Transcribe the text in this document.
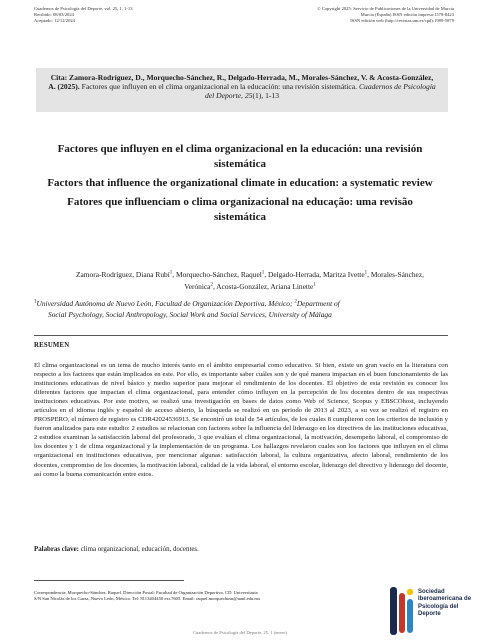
Cuadernos de Psicología del Deporte, vol. 25, 1, 1-13
Recibido: 08/03/2024
Aceptado: 12/12/2024
© Copyright 2025: Servicio de Publicaciones de la Universidad de Murcia
Murcia (España) ISSN edición impresa:1578-8423
ISSN edición web (http://revistas.um.es/cpd):1989-5879
Cita: Zamora-Rodríguez, D., Morquecho-Sánchez, R., Delgado-Herrada, M., Morales-Sánchez, V. & Acosta-González, A. (2025). Factores que influyen en el clima organizacional en la educación: una revisión sistemática. Cuadernos de Psicología del Deporte, 25(1), 1-13
Factores que influyen en el clima organizacional en la educación: una revisión sistemática
Factors that influence the organizational climate in education: a systematic review
Fatores que influenciam o clima organizacional na educação: uma revisão sistemática
Zamora-Rodríguez, Diana Rubí$^1$, Morquecho-Sánchez, Raquel$^1$, Delgado-Herrada, Maritza Ivette$^1$, Morales-Sánchez, Verónica$^2$, Acosta-González, Ariana Linette$^1$
$^1$Universidad Autónoma de Nuevo León, Facultad de Organización Deportiva, México; $^2$Department of
Social Psychology, Social Anthropology, Social Work and Social Services, University of Málaga
RESUMEN
El clima organizacional es un tema de mucho interés tanto en el ámbito empresarial como educativo. Si bien, existe un gran vacío en la literatura con respecto a los factores que están implicados en este. Por ello, es importante saber cuáles son y de qué manera impactan en el buen funcionamiento de las instituciones educativas de nivel básico y medio superior para mejorar el rendimiento de los docentes. El objetivo de esta revisión es conocer los diferentes factores que impactan el clima organizacional, para entender cómo influyen en la percepción de los docentes dentro de sus respectivas instituciones educativas. Por este motivo, se realizó una investigación en bases de datos como Web of Science, Scopus y EBSCOhost, incluyendo artículos en el idioma inglés y español de acceso abierto, la búsqueda se realizó en un periodo de 2013 al 2023, a su vez se realizó el registro en PROSPERO, el número de registro es CDR42024536913. Se encontró un total de 54 artículos, de los cuales 8 cumplieron con los criterios de inclusión y fueron analizados para este estudio: 2 estudios se relacionan con factores sobre la influencia del liderazgo en los directivos de las instituciones educativas, 2 estudios examinan la satisfacción laboral del profesorado, 3 que evalúan el clima organizacional, la motivación, desempeño laboral, el compromiso de los docentes y 1 de clima organizacional y la implementación de un programa. Los hallazgos revelaron cuales son los factores que influyen en el clima organizacional en instituciones educativas, por mencionar algunas: satisfacción laboral, la cultura organizativa, afecto laboral, rendimiento de los docentes, compromiso de los docentes, la motivación laboral, calidad de la vida laboral, el entorno escolar, liderazgo del directivo y liderazgo del docente, así como la buena comunicación entre estos.
Palabras clave: clima organizacional, educación, docentes.
Correspondencia: Morquecho-Sánchez, Raquel. Dirección Postal: Facultad de Organización Deportiva, CD. Universitaria S/N San Nicolás de los Garza, Nuevo León, México. Tel: 8113404450 ext.7605. Email: raquel.morquechosn@uanl.edu.mx
Cuadernos de Psicología del Deporte, 25, 1 (enero)
Sociedad
Iberoamericana de
Psicología del
Deporte
